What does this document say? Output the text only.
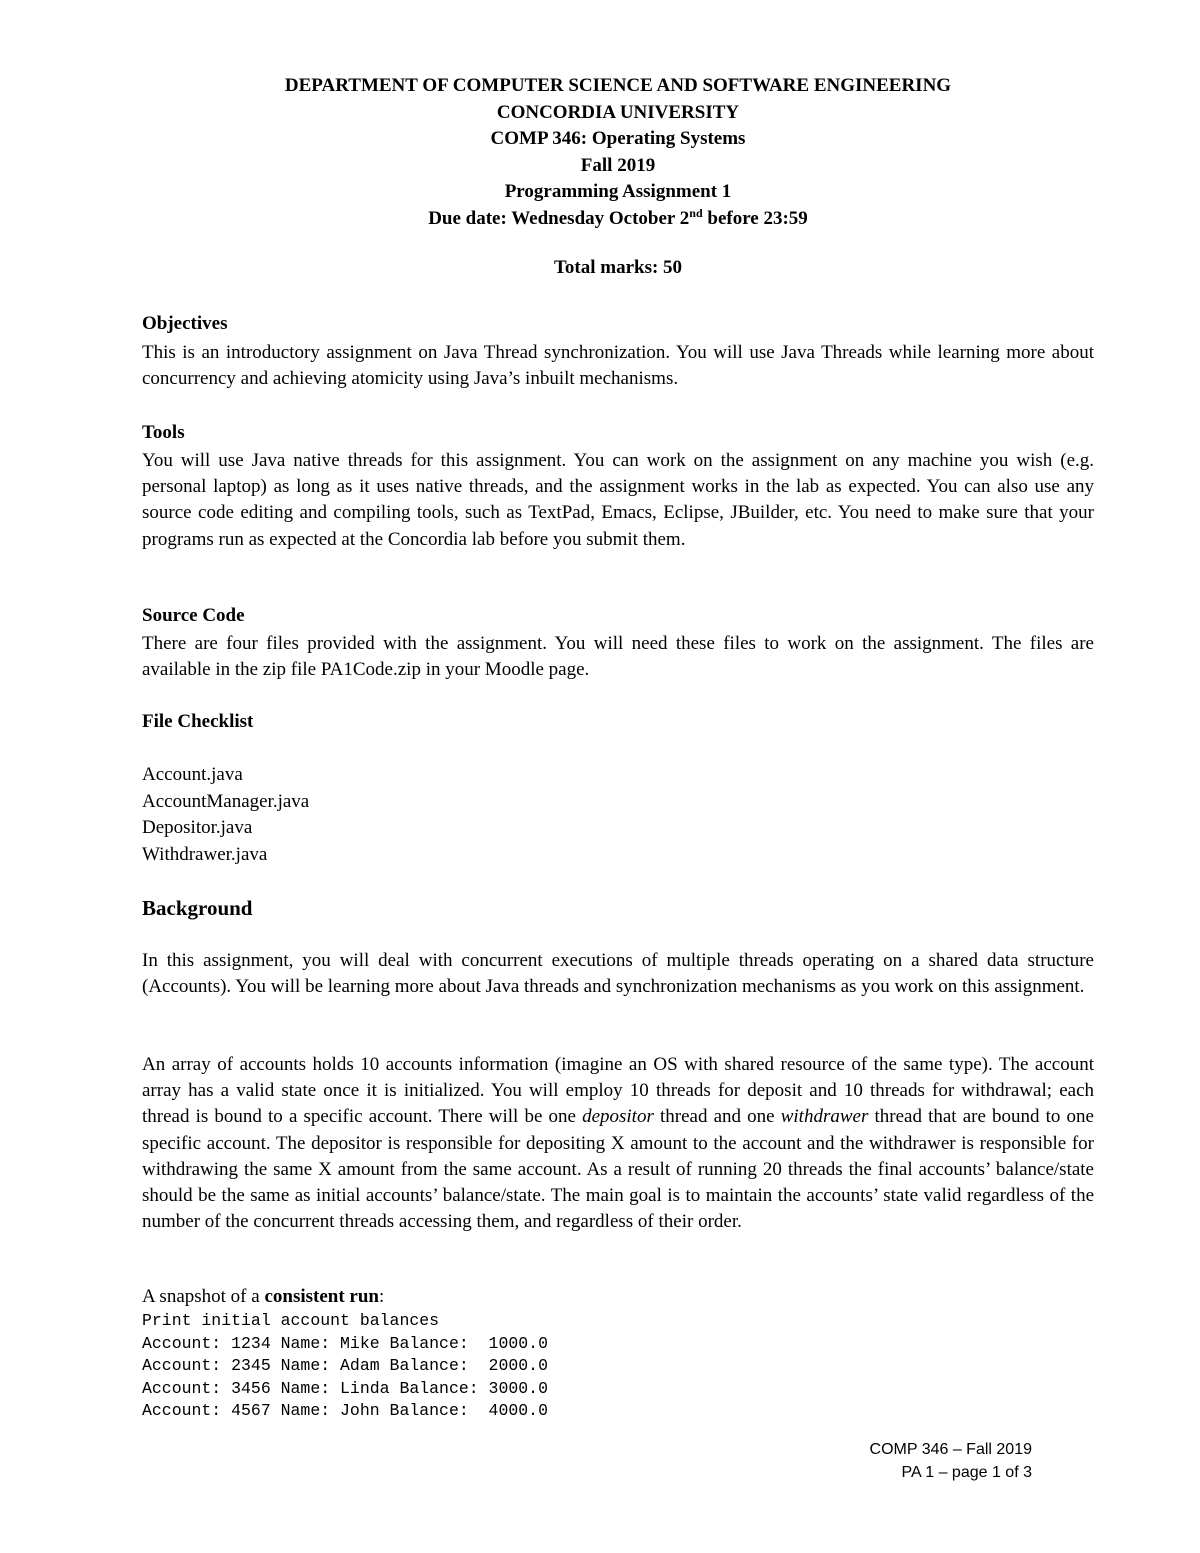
DEPARTMENT OF COMPUTER SCIENCE AND SOFTWARE ENGINEERING
CONCORDIA UNIVERSITY
COMP 346: Operating Systems
Fall 2019
Programming Assignment 1
Due date: Wednesday October 2nd before 23:59
Total marks: 50
Objectives
This is an introductory assignment on Java Thread synchronization. You will use Java Threads while learning more about concurrency and achieving atomicity using Java’s inbuilt mechanisms.
Tools
You will use Java native threads for this assignment. You can work on the assignment on any machine you wish (e.g. personal laptop) as long as it uses native threads, and the assignment works in the lab as expected. You can also use any source code editing and compiling tools, such as TextPad, Emacs, Eclipse, JBuilder, etc. You need to make sure that your programs run as expected at the Concordia lab before you submit them.
Source Code
There are four files provided with the assignment. You will need these files to work on the assignment. The files are available in the zip file PA1Code.zip in your Moodle page.
File Checklist
Account.java
AccountManager.java
Depositor.java
Withdrawer.java
Background
In this assignment, you will deal with concurrent executions of multiple threads operating on a shared data structure (Accounts). You will be learning more about Java threads and synchronization mechanisms as you work on this assignment.
An array of accounts holds 10 accounts information (imagine an OS with shared resource of the same type). The account array has a valid state once it is initialized. You will employ 10 threads for deposit and 10 threads for withdrawal; each thread is bound to a specific account. There will be one depositor thread and one withdrawer thread that are bound to one specific account. The depositor is responsible for depositing X amount to the account and the withdrawer is responsible for withdrawing the same X amount from the same account. As a result of running 20 threads the final accounts’ balance/state should be the same as initial accounts’ balance/state. The main goal is to maintain the accounts’ state valid regardless of the number of the concurrent threads accessing them, and regardless of their order.
A snapshot of a consistent run:
Print initial account balances
Account: 1234 Name: Mike Balance:  1000.0
Account: 2345 Name: Adam Balance:  2000.0
Account: 3456 Name: Linda Balance: 3000.0
Account: 4567 Name: John Balance:  4000.0
COMP 346 – Fall 2019
PA 1 – page 1 of 3
